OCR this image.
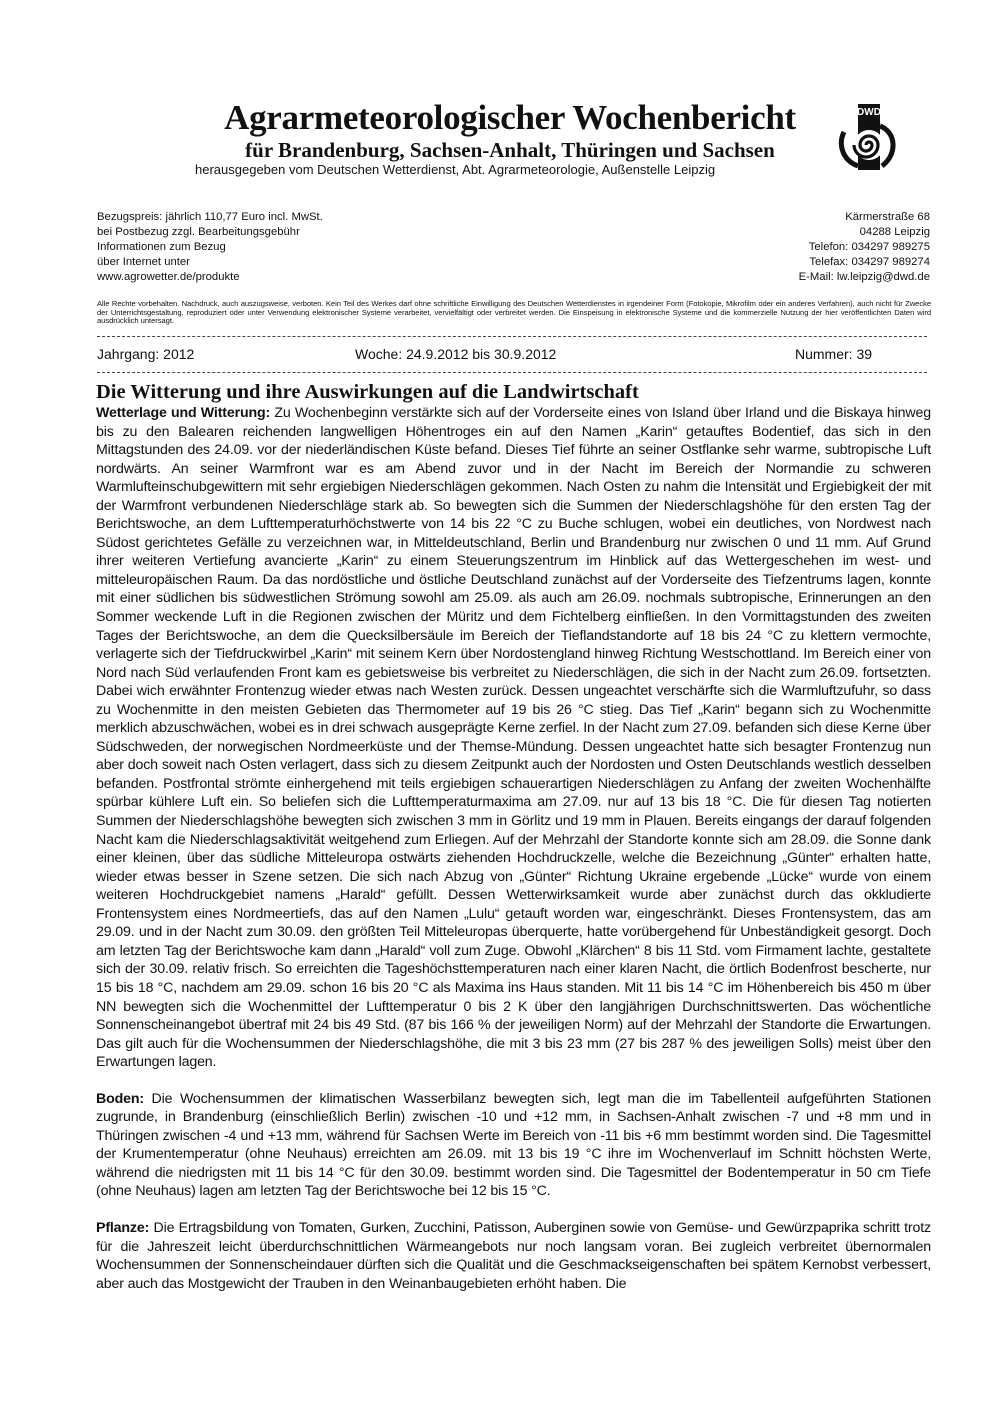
Agrarmeteorologischer Wochenbericht
für Brandenburg, Sachsen-Anhalt, Thüringen und Sachsen

herausgegeben vom Deutschen Wetterdienst, Abt. Agrarmeteorologie, Außenstelle Leipzig

DWD
Bezugspreis: jährlich 110,77 Euro incl. MwSt.
bei Postbezug zzgl. Bearbeitungsgebühr
Informationen zum Bezug
über Internet unter
www.agrowetter.de/produkte
Kärmerstraße 68
04288 Leipzig
Telefon: 034297 989275
Telefax: 034297 989274
E-Mail: lw.leipzig@dwd.de
Alle Rechte vorbehalten. Nachdruck, auch auszugsweise, verboten. Kein Teil des Werkes darf ohne schriftliche Einwilligung des Deutschen Wetterdienstes in irgendeiner Form (Fotokopie, Mikrofilm oder ein anderes Verfahren), auch nicht für Zwecke der Unterrichtsgestaltung, reproduziert oder unter Verwendung elektronischer Systeme verarbeitet, vervielfältigt oder verbreitet werden. Die Einspeisung in elektronische Systeme und die kommerzielle Nutzung der hier veröffentlichten Daten wird ausdrücklich untersagt.
Jahrgang: 2012	Woche: 24.9.2012 bis 30.9.2012	Nummer: 39
Die Witterung und ihre Auswirkungen auf die Landwirtschaft

Wetterlage und Witterung: Zu Wochenbeginn verstärkte sich auf der Vorderseite eines von Island über Irland und die Biskaya hinweg bis zu den Balearen reichenden langwelligen Höhentroges ein auf den Namen „Karin“ getauftes Bodentief, das sich in den Mittagstunden des 24.09. vor der niederländischen Küste befand. Dieses Tief führte an seiner Ostflanke sehr warme, subtropische Luft nordwärts. An seiner Warmfront war es am Abend zuvor und in der Nacht im Bereich der Normandie zu schweren Warmlufteinschubgewittern mit sehr ergiebigen Niederschlägen gekommen. Nach Osten zu nahm die Intensität und Ergiebigkeit der mit der Warmfront verbundenen Niederschläge stark ab. So bewegten sich die Summen der Niederschlagshöhe für den ersten Tag der Berichtswoche, an dem Lufttemperaturhöchstwerte von 14 bis 22 °C zu Buche schlugen, wobei ein deutliches, von Nordwest nach Südost gerichtetes Gefälle zu verzeichnen war, in Mitteldeutschland, Berlin und Brandenburg nur zwischen 0 und 11 mm. Auf Grund ihrer weiteren Vertiefung avancierte „Karin“ zu einem Steuerungszentrum im Hinblick auf das Wettergeschehen im west- und mitteleuropäischen Raum. Da das nordöstliche und östliche Deutschland zunächst auf der Vorderseite des Tiefzentrums lagen, konnte mit einer südlichen bis südwestlichen Strömung sowohl am 25.09. als auch am 26.09. nochmals subtropische, Erinnerungen an den Sommer weckende Luft in die Regionen zwischen der Müritz und dem Fichtelberg einfließen. In den Vormittagstunden des zweiten Tages der Berichtswoche, an dem die Quecksilbersäule im Bereich der Tieflandstandorte auf 18 bis 24 °C zu klettern vermochte, verlagerte sich der Tiefdruckwirbel „Karin“ mit seinem Kern über Nordostengland hinweg Richtung Westschottland. Im Bereich einer von Nord nach Süd verlaufenden Front kam es gebietsweise bis verbreitet zu Niederschlägen, die sich in der Nacht zum 26.09. fortsetzten. Dabei wich erwähnter Frontenzug wieder etwas nach Westen zurück. Dessen ungeachtet verschärfte sich die Warmluftzufuhr, so dass zu Wochenmitte in den meisten Gebieten das Thermometer auf 19 bis 26 °C stieg. Das Tief „Karin“ begann sich zu Wochenmitte merklich abzuschwächen, wobei es in drei schwach ausgeprägte Kerne zerfiel. In der Nacht zum 27.09. befanden sich diese Kerne über Südschweden, der norwegischen Nordmeerküste und der Themse-Mündung. Dessen ungeachtet hatte sich besagter Frontenzug nun aber doch soweit nach Osten verlagert, dass sich zu diesem Zeitpunkt auch der Nordosten und Osten Deutschlands westlich desselben befanden. Postfrontal strömte einhergehend mit teils ergiebigen schauerartigen Niederschlägen zu Anfang der zweiten Wochenhälfte spürbar kühlere Luft ein. So beliefen sich die Lufttemperaturmaxima am 27.09. nur auf 13 bis 18 °C. Die für diesen Tag notierten Summen der Niederschlagshöhe bewegten sich zwischen 3 mm in Görlitz und 19 mm in Plauen. Bereits eingangs der darauf folgenden Nacht kam die Niederschlagsaktivität weitgehend zum Erliegen. Auf der Mehrzahl der Standorte konnte sich am 28.09. die Sonne dank einer kleinen, über das südliche Mitteleuropa ostwärts ziehenden Hochdruckzelle, welche die Bezeichnung „Günter“ erhalten hatte, wieder etwas besser in Szene setzen. Die sich nach Abzug von „Günter“ Richtung Ukraine ergebende „Lücke“ wurde von einem weiteren Hochdruckgebiet namens „Harald“ gefüllt. Dessen Wetterwirksamkeit wurde aber zunächst durch das okkludierte Frontensystem eines Nordmeertiefs, das auf den Namen „Lulu“ getauft worden war, eingeschränkt. Dieses Frontensystem, das am 29.09. und in der Nacht zum 30.09. den größten Teil Mitteleuropas überquerte, hatte vorübergehend für Unbeständigkeit gesorgt. Doch am letzten Tag der Berichtswoche kam dann „Harald“ voll zum Zuge. Obwohl „Klärchen“ 8 bis 11 Std. vom Firmament lachte, gestaltete sich der 30.09. relativ frisch. So erreichten die Tageshöchsttemperaturen nach einer klaren Nacht, die örtlich Bodenfrost bescherte, nur 15 bis 18 °C, nachdem am 29.09. schon 16 bis 20 °C als Maxima ins Haus standen. Mit 11 bis 14 °C im Höhenbereich bis 450 m über NN bewegten sich die Wochenmittel der Lufttemperatur 0 bis 2 K über den langjährigen Durchschnittswerten. Das wöchentliche Sonnenscheinangebot übertraf mit 24 bis 49 Std. (87 bis 166 % der jeweiligen Norm) auf der Mehrzahl der Standorte die Erwartungen. Das gilt auch für die Wochensummen der Niederschlagshöhe, die mit 3 bis 23 mm (27 bis 287 % des jeweiligen Solls) meist über den Erwartungen lagen.

Boden: Die Wochensummen der klimatischen Wasserbilanz bewegten sich, legt man die im Tabellenteil aufgeführten Stationen zugrunde, in Brandenburg (einschließlich Berlin) zwischen -10 und +12 mm, in Sachsen-Anhalt zwischen -7 und +8 mm und in Thüringen zwischen -4 und +13 mm, während für Sachsen Werte im Bereich von -11 bis +6 mm bestimmt worden sind. Die Tagesmittel der Krumentemperatur (ohne Neuhaus) erreichten am 26.09. mit 13 bis 19 °C ihre im Wochenverlauf im Schnitt höchsten Werte, während die niedrigsten mit 11 bis 14 °C für den 30.09. bestimmt worden sind. Die Tagesmittel der Bodentemperatur in 50 cm Tiefe (ohne Neuhaus) lagen am letzten Tag der Berichtswoche bei 12 bis 15 °C.

Pflanze: Die Ertragsbildung von Tomaten, Gurken, Zucchini, Patisson, Auberginen sowie von Gemüse- und Gewürzpaprika schritt trotz für die Jahreszeit leicht überdurchschnittlichen Wärmeangebots nur noch langsam voran. Bei zugleich verbreitet übernormalen Wochensummen der Sonnenscheindauer dürften sich die Qualität und die Geschmackseigenschaften bei spätem Kernobst verbessert, aber auch das Mostgewicht der Trauben in den Weinanbaugebieten erhöht haben. Die
